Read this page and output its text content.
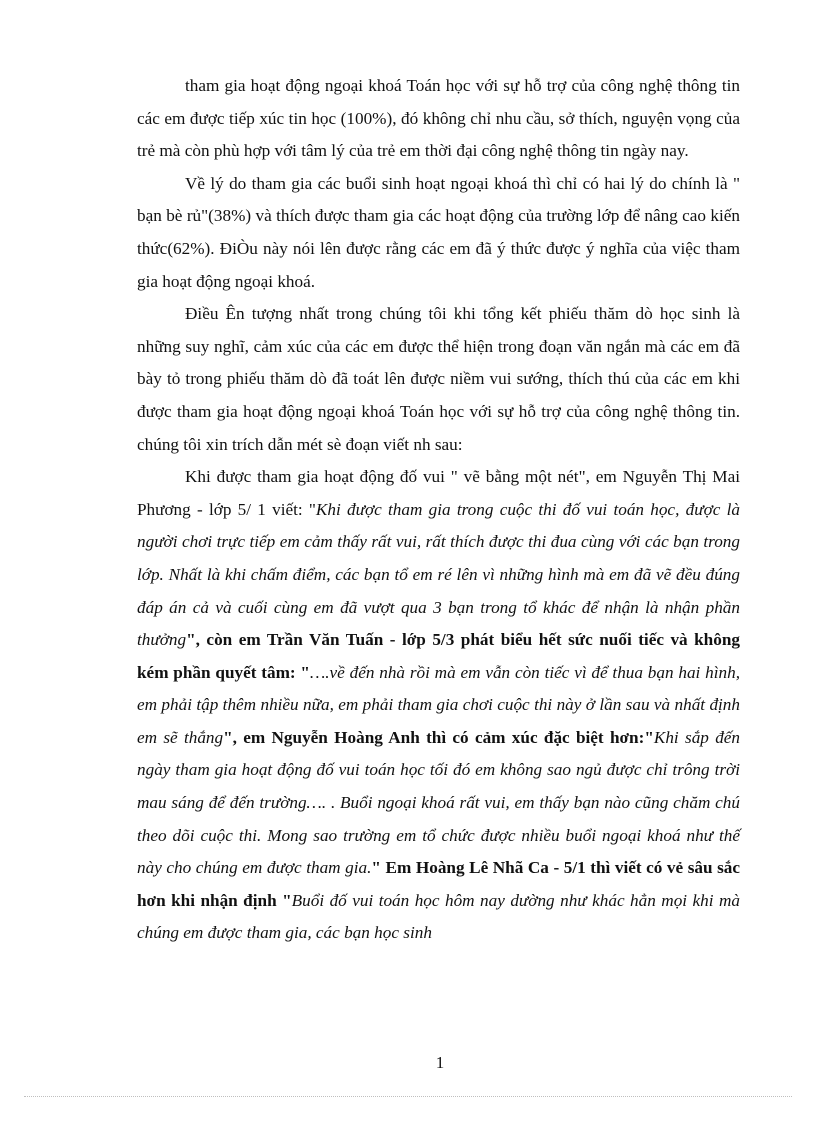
tham gia hoạt động ngoại khoá Toán học với sự hỗ trợ của công nghệ thông tin các em được tiếp xúc tin học (100%), đó không chỉ nhu cầu, sở thích, nguyện vọng của trẻ mà còn phù hợp với tâm lý của trẻ em thời đại công nghệ thông tin ngày nay.

Về lý do tham gia các buổi sinh hoạt ngoại khoá thì chỉ có hai lý do chính là " bạn bè rủ"(38%) và thích được tham gia các hoạt động của trường lớp để nâng cao kiến thức(62%). ĐiÒu này nói lên được rằng các em đã ý thức được ý nghĩa của việc tham gia hoạt động ngoại khoá.

Điều Ên tượng nhất trong chúng tôi khi tổng kết phiếu thăm dò học sinh là những suy nghĩ, cảm xúc của các em được thể hiện trong đoạn văn ngắn mà các em đã bày tỏ trong phiếu thăm dò đã toát lên được niềm vui sướng, thích thú của các em khi được tham gia hoạt động ngoại khoá Toán học với sự hỗ trợ của công nghệ thông tin. chúng tôi xin trích dẫn mét sè đoạn viết nh sau:

Khi được tham gia hoạt động đố vui " vẽ bằng một nét", em Nguyễn Thị Mai Phương - lớp 5/ 1 viết: "Khi được tham gia trong cuộc thi đố vui toán học, được là người chơi trực tiếp em cảm thấy rất vui, rất thích được thi đua cùng với các bạn trong lớp. Nhất là khi chấm điểm, các bạn tổ em ré lên vì những hình mà em đã vẽ đều đúng đáp án cả và cuối cùng em đã vượt qua 3 bạn trong tổ khác để nhận là nhận phần thưởng", còn em Trần Văn Tuấn - lớp 5/3 phát biểu hết sức nuối tiếc và không kém phần quyết tâm: "….về đến nhà rồi mà em vẫn còn tiếc vì để thua bạn hai hình, em phải tập thêm nhiều nữa, em phải tham gia chơi cuộc thi này ở lần sau và nhất định em sẽ thắng", em Nguyễn Hoàng Anh thì có cảm xúc đặc biệt hơn:"Khi sắp đến ngày tham gia hoạt động đố vui toán học tối đó em không sao ngủ được chỉ trông trời mau sáng để đến trường…. . Buổi ngoại khoá rất vui, em thấy bạn nào cũng chăm chú theo dõi cuộc thi. Mong sao trường em tổ chức được nhiều buổi ngoại khoá như thế này cho chúng em được tham gia." Em Hoàng Lê Nhã Ca - 5/1 thì viết có vẻ sâu sắc hơn khi nhận định "Buổi đố vui toán học hôm nay dường như khác hẳn mọi khi mà chúng em được tham gia, các bạn học sinh

1
